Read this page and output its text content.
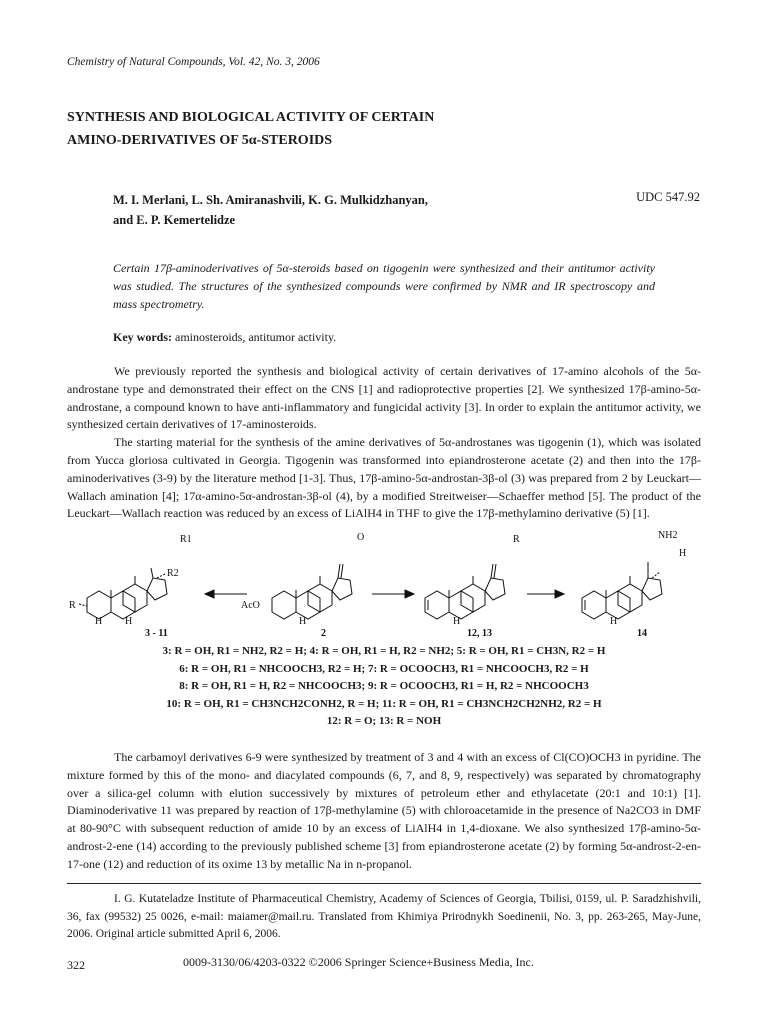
Chemistry of Natural Compounds, Vol. 42, No. 3, 2006
SYNTHESIS AND BIOLOGICAL ACTIVITY OF CERTAIN
AMINO-DERIVATIVES OF 5α-STEROIDS
M. I. Merlani, L. Sh. Amiranashvili, K. G. Mulkidzhanyan,
and E. P. Kemertelidze
UDC 547.92
Certain 17β-aminoderivatives of 5α-steroids based on tigogenin were synthesized and their antitumor activity was studied. The structures of the synthesized compounds were confirmed by NMR and IR spectroscopy and mass spectrometry.
Key words: aminosteroids, antitumor activity.
We previously reported the synthesis and biological activity of certain derivatives of 17-amino alcohols of the 5α-androstane type and demonstrated their effect on the CNS [1] and radioprotective properties [2]. We synthesized 17β-amino-5α-androstane, a compound known to have anti-inflammatory and fungicidal activity [3]. In order to explain the antitumor activity, we synthesized certain derivatives of 17-aminosteroids.
The starting material for the synthesis of the amine derivatives of 5α-androstanes was tigogenin (1), which was isolated from Yucca gloriosa cultivated in Georgia. Tigogenin was transformed into epiandrosterone acetate (2) and then into the 17β-aminoderivatives (3-9) by the literature method [1-3]. Thus, 17β-amino-5α-androstan-3β-ol (3) was prepared from 2 by Leuckart—Wallach amination [4]; 17α-amino-5α-androstan-3β-ol (4), by a modified Streitweiser—Schaeffer method [5]. The product of the Leuckart—Wallach reaction was reduced by an excess of LiAlH4 in THF to give the 17β-methylamino derivative (5) [1].
R1
R2
R
H H
O
AcO
H
R
H
NH2
H
H
3 - 11	2	12, 13	14
3: R = OH, R1 = NH2, R2 = H; 4: R = OH, R1 = H, R2 = NH2; 5: R = OH, R1 = CH3N, R2 = H
6: R = OH, R1 = NHCOOCH3, R2 = H; 7: R = OCOOCH3, R1 = NHCOOCH3, R2 = H
8: R = OH, R1 = H, R2 = NHCOOCH3; 9: R = OCOOCH3, R1 = H, R2 = NHCOOCH3
10: R = OH, R1 = CH3NCH2CONH2, R = H; 11: R = OH, R1 = CH3NCH2CH2NH2, R2 = H
12: R = O; 13: R = NOH
The carbamoyl derivatives 6-9 were synthesized by treatment of 3 and 4 with an excess of Cl(CO)OCH3 in pyridine. The mixture formed by this of the mono- and diacylated compounds (6, 7, and 8, 9, respectively) was separated by chromatography over a silica-gel column with elution successively by mixtures of petroleum ether and ethylacetate (20:1 and 10:1) [1]. Diaminoderivative 11 was prepared by reaction of 17β-methylamine (5) with chloroacetamide in the presence of Na2CO3 in DMF at 80-90°C with subsequent reduction of amide 10 by an excess of LiAlH4 in 1,4-dioxane. We also synthesized 17β-amino-5α-androst-2-ene (14) according to the previously published scheme [3] from epiandrosterone acetate (2) by forming 5α-androst-2-en-17-one (12) and reduction of its oxime 13 by metallic Na in n-propanol.
I. G. Kutateladze Institute of Pharmaceutical Chemistry, Academy of Sciences of Georgia, Tbilisi, 0159, ul. P. Saradzhishvili, 36, fax (99532) 25 0026, e-mail: maiamer@mail.ru. Translated from Khimiya Prirodnykh Soedinenii, No. 3, pp. 263-265, May-June, 2006. Original article submitted April 6, 2006.
322	0009-3130/06/4203-0322 ©2006 Springer Science+Business Media, Inc.
